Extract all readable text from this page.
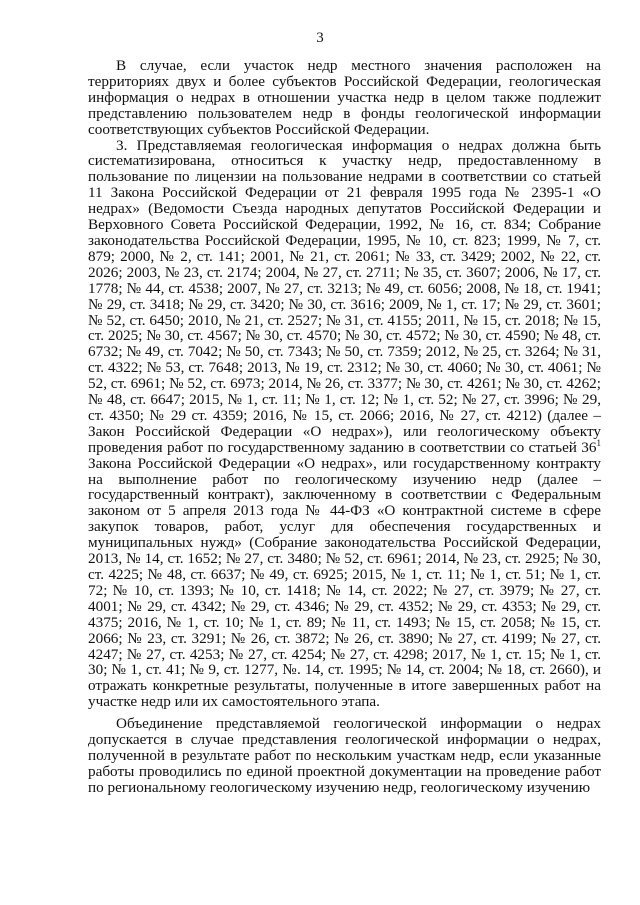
3

В случае, если участок недр местного значения расположен на территориях двух и более субъектов Российской Федерации, геологическая информация о недрах в отношении участка недр в целом также подлежит представлению пользователем недр в фонды геологической информации соответствующих субъектов Российской Федерации.

3. Представляемая геологическая информация о недрах должна быть систематизирована, относиться к участку недр, предоставленному в пользование по лицензии на пользование недрами в соответствии со статьей 11 Закона Российской Федерации от 21 февраля 1995 года № 2395-1 «О недрах» (Ведомости Съезда народных депутатов Российской Федерации и Верховного Совета Российской Федерации, 1992, № 16, ст. 834; Собрание законодательства Российской Федерации, 1995, № 10, ст. 823; 1999, № 7, ст. 879; 2000, № 2, ст. 141; 2001, № 21, ст. 2061; № 33, ст. 3429; 2002, № 22, ст. 2026; 2003, № 23, ст. 2174; 2004, № 27, ст. 2711; № 35, ст. 3607; 2006, № 17, ст. 1778; № 44, ст. 4538; 2007, № 27, ст. 3213; № 49, ст. 6056; 2008, № 18, ст. 1941; № 29, ст. 3418; № 29, ст. 3420; № 30, ст. 3616; 2009, № 1, ст. 17; № 29, ст. 3601; № 52, ст. 6450; 2010, № 21, ст. 2527; № 31, ст. 4155; 2011, № 15, ст. 2018; № 15, ст. 2025; № 30, ст. 4567; № 30, ст. 4570; № 30, ст. 4572; № 30, ст. 4590; № 48, ст. 6732; № 49, ст. 7042; № 50, ст. 7343; № 50, ст. 7359; 2012, № 25, ст. 3264; № 31, ст. 4322; № 53, ст. 7648; 2013, № 19, ст. 2312; № 30, ст. 4060; № 30, ст. 4061; № 52, ст. 6961; № 52, ст. 6973; 2014, № 26, ст. 3377; № 30, ст. 4261; № 30, ст. 4262; № 48, ст. 6647; 2015, № 1, ст. 11; № 1, ст. 12; № 1, ст. 52; № 27, ст. 3996; № 29, ст. 4350; № 29 ст. 4359; 2016, № 15, ст. 2066; 2016, № 27, ст. 4212) (далее – Закон Российской Федерации «О недрах»), или геологическому объекту проведения работ по государственному заданию в соответствии со статьей 36$^1$ Закона Российской Федерации «О недрах», или государственному контракту на выполнение работ по геологическому изучению недр (далее – государственный контракт), заключенному в соответствии с Федеральным законом от 5 апреля 2013 года № 44-ФЗ «О контрактной системе в сфере закупок товаров, работ, услуг для обеспечения государственных и муниципальных нужд» (Собрание законодательства Российской Федерации, 2013, № 14, ст. 1652; № 27, ст. 3480; № 52, ст. 6961; 2014, № 23, ст. 2925; № 30, ст. 4225; № 48, ст. 6637; № 49, ст. 6925; 2015, № 1, ст. 11; № 1, ст. 51; № 1, ст. 72; № 10, ст. 1393; № 10, ст. 1418; № 14, ст. 2022; № 27, ст. 3979; № 27, ст. 4001; № 29, ст. 4342; № 29, ст. 4346; № 29, ст. 4352; № 29, ст. 4353; № 29, ст. 4375; 2016, № 1, ст. 10; № 1, ст. 89; № 11, ст. 1493; № 15, ст. 2058; № 15, ст. 2066; № 23, ст. 3291; № 26, ст. 3872; № 26, ст. 3890; № 27, ст. 4199; № 27, ст. 4247; № 27, ст. 4253; № 27, ст. 4254; № 27, ст. 4298; 2017, № 1, ст. 15; № 1, ст. 30; № 1, ст. 41; № 9, ст. 1277, №. 14, ст. 1995; № 14, ст. 2004; № 18, ст. 2660), и отражать конкретные результаты, полученные в итоге завершенных работ на участке недр или их самостоятельного этапа.

Объединение представляемой геологической информации о недрах допускается в случае представления геологической информации о недрах, полученной в результате работ по нескольким участкам недр, если указанные работы проводились по единой проектной документации на проведение работ по региональному геологическому изучению недр, геологическому изучению
